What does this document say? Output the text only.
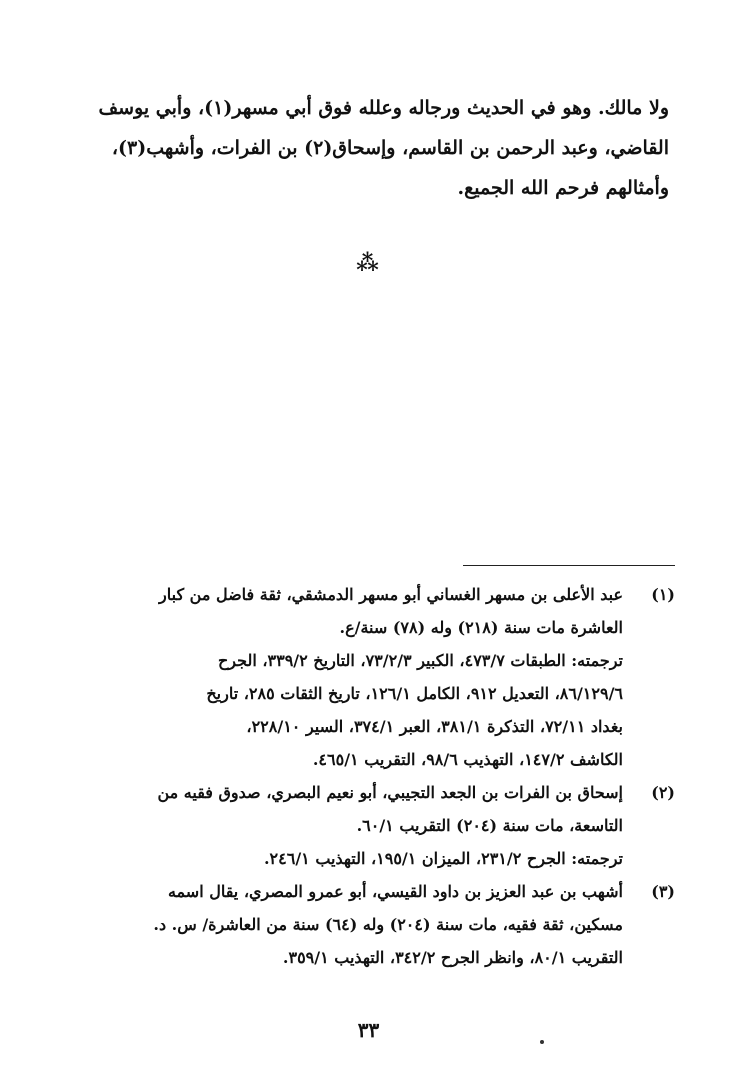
ولا مالك. وهو في الحديث ورجاله وعلله فوق أبي مسهر(١)، وأبي يوسف

القاضي، وعبد الرحمن بن القاسم، وإسحاق(٢) بن الفرات، وأشهب(٣)،

وأمثالهم فرحم الله الجميع.

⁂
(١)

عبد الأعلى بن مسهر الغساني أبو مسهر الدمشقي، ثقة فاضل من كبار

العاشرة مات سنة (٢١٨) وله (٧٨) سنة/ع.

ترجمته: الطبقات ٤٧٣/٧، الكبير ٧٣/٢/٣، التاريخ ٣٣٩/٢، الجرح

٨٦/١٢٩/٦، التعديل ٩١٢، الكامل ١٢٦/١، تاريخ الثقات ٢٨٥، تاريخ

بغداد ٧٢/١١، التذكرة ٣٨١/١، العبر ٣٧٤/١، السير ٢٢٨/١٠،

الكاشف ١٤٧/٢، التهذيب ٩٨/٦، التقريب ٤٦٥/١.

(٢)

إسحاق بن الفرات بن الجعد التجيبي، أبو نعيم البصري، صدوق فقيه من

التاسعة، مات سنة (٢٠٤) التقريب ٦٠/١.

ترجمته: الجرح ٢٣١/٢، الميزان ١٩٥/١، التهذيب ٢٤٦/١.

(٣)

أشهب بن عبد العزيز بن داود القيسي، أبو عمرو المصري، يقال اسمه

مسكين، ثقة فقيه، مات سنة (٢٠٤) وله (٦٤) سنة من العاشرة/ س. د.

التقريب ٨٠/١، وانظر الجرح ٣٤٢/٢، التهذيب ٣٥٩/١.

٣٣
